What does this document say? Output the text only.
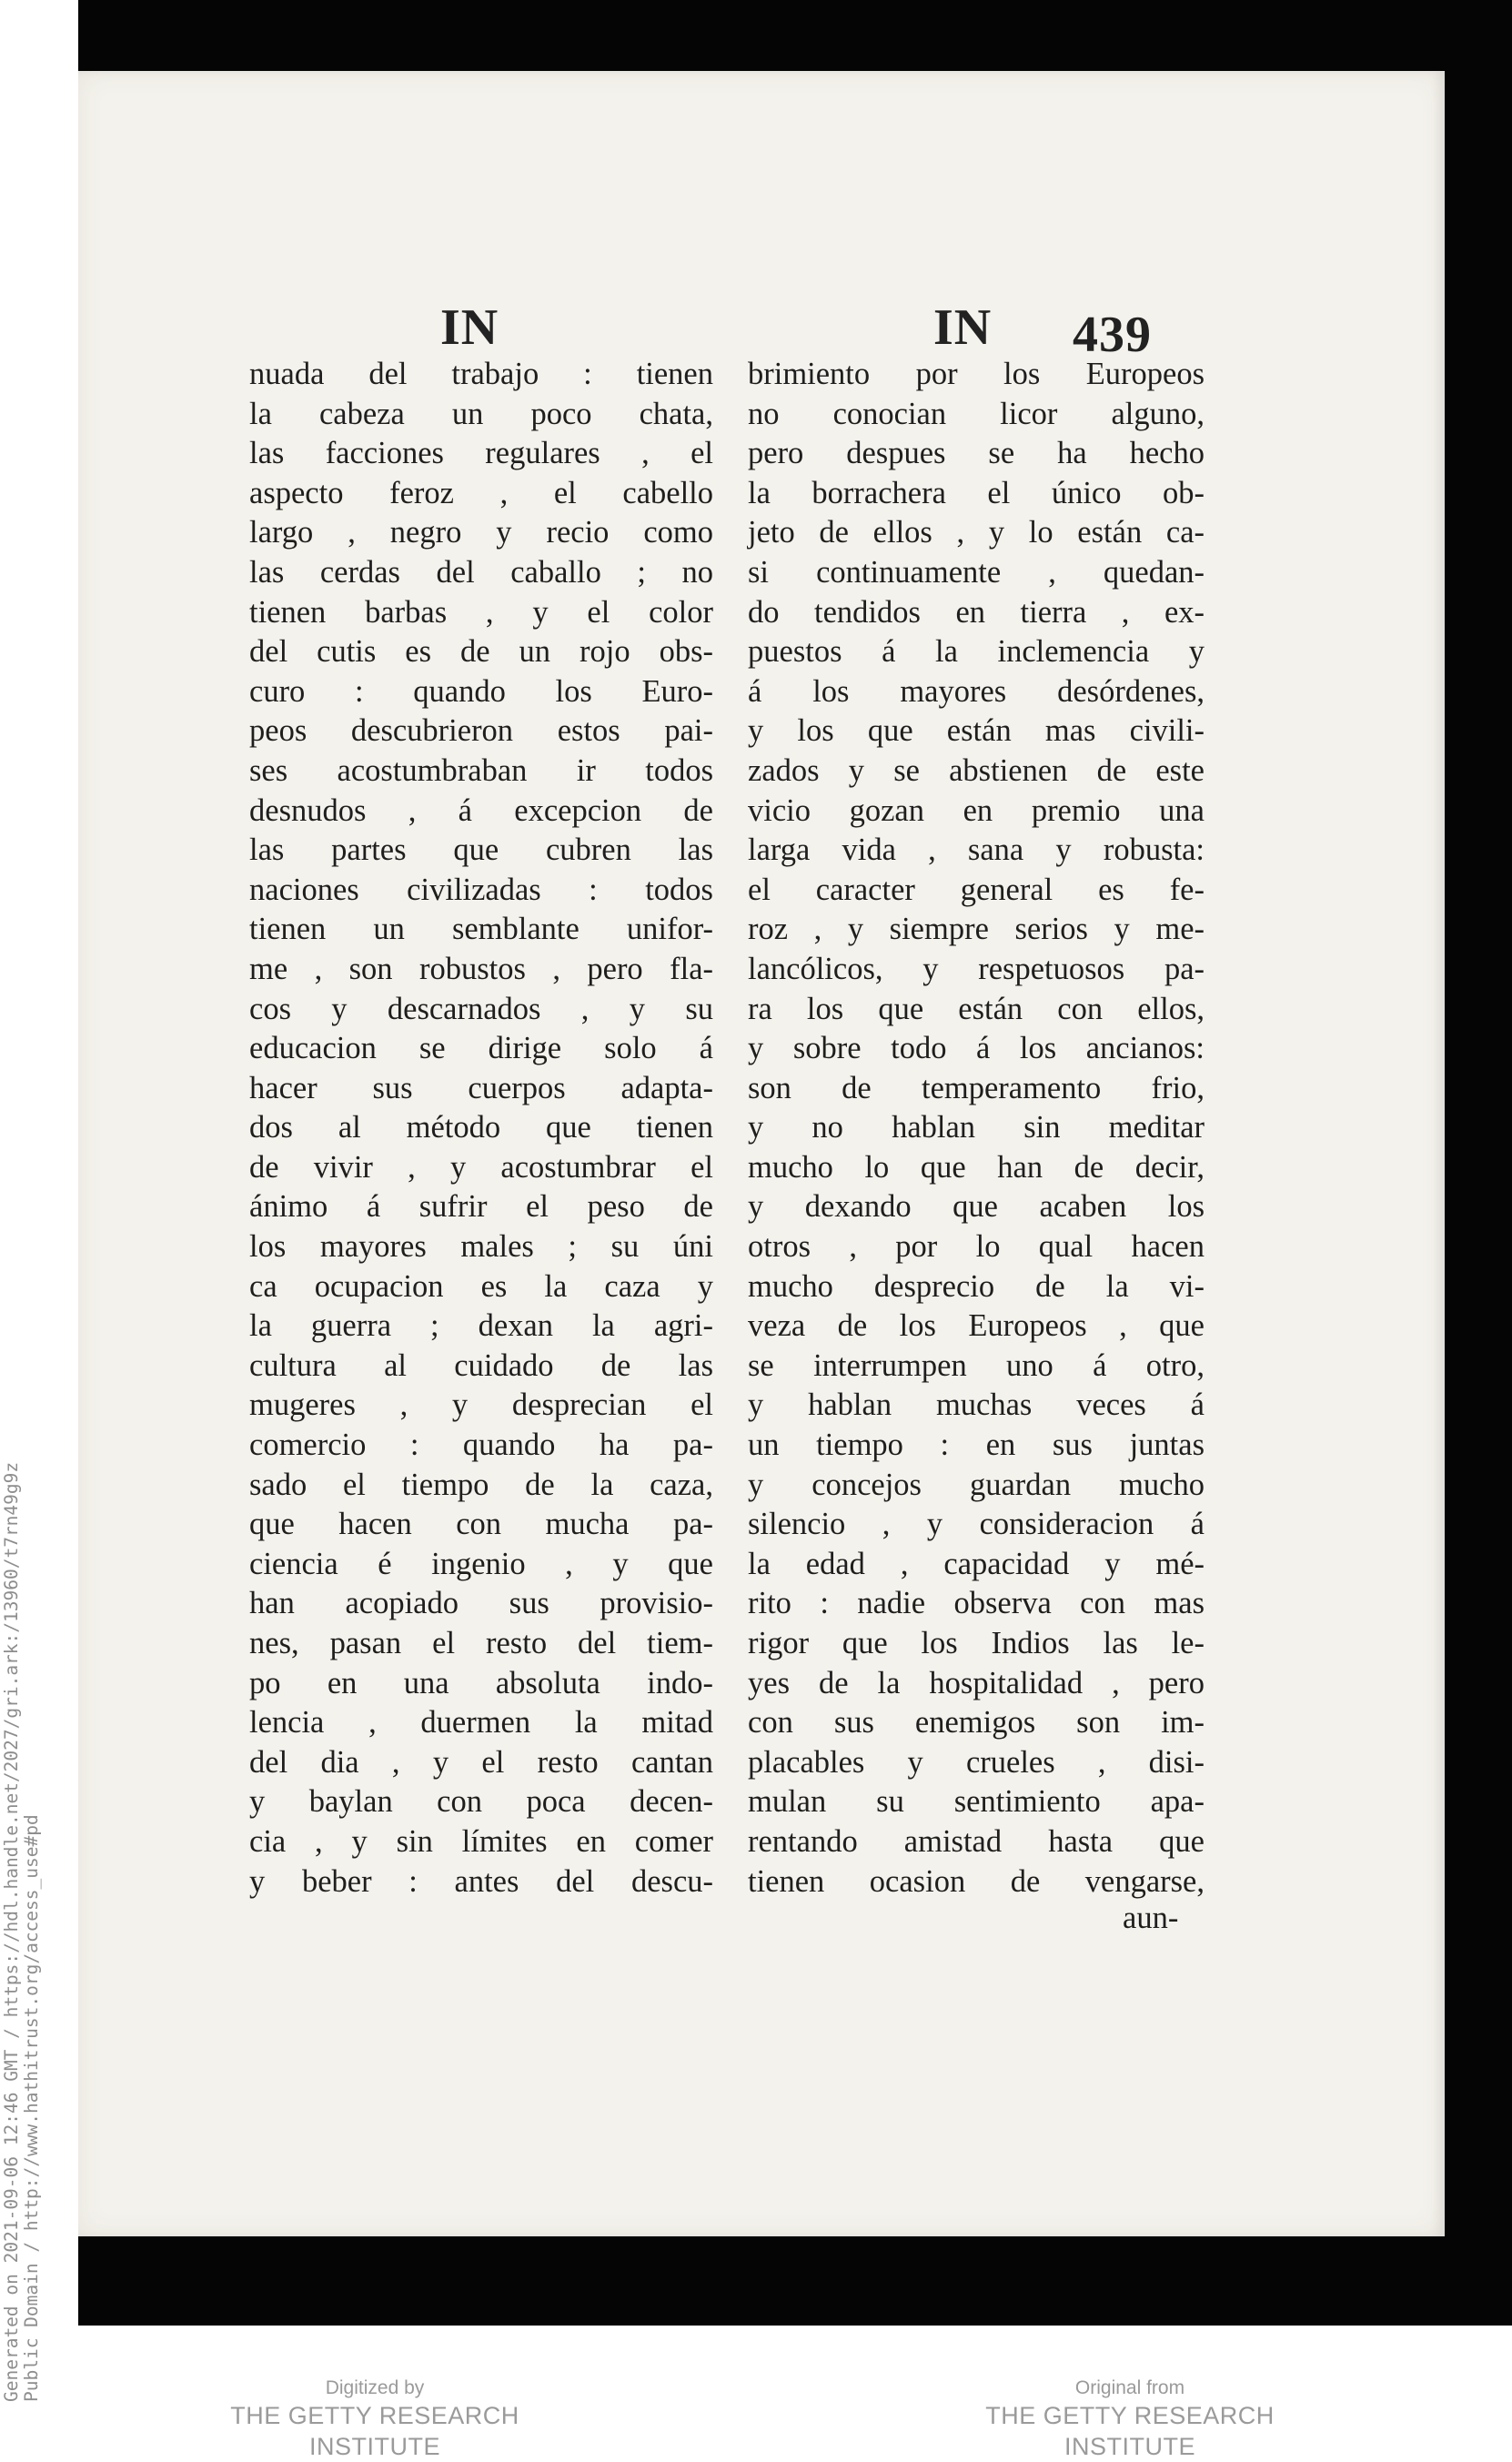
IN	IN 439
nuada del trabajo : tienen
la cabeza un poco chata,
las facciones regulares , el
aspecto feroz , el cabello
largo , negro y recio como
las cerdas del caballo ; no
tienen barbas , y el color
del cutis es de un rojo obs-
curo : quando los Euro-
peos descubrieron estos pai-
ses acostumbraban ir todos
desnudos , á excepcion de
las partes que cubren las
naciones civilizadas : todos
tienen un semblante unifor-
me , son robustos , pero fla-
cos y descarnados , y su
educacion se dirige solo á
hacer sus cuerpos adapta-
dos al método que tienen
de vivir , y acostumbrar el
ánimo á sufrir el peso de
los mayores males ; su úni
ca ocupacion es la caza y
la guerra ; dexan la agri-
cultura al cuidado de las
mugeres , y desprecian el
comercio : quando ha pa-
sado el tiempo de la caza,
que hacen con mucha pa-
ciencia é ingenio , y que
han acopiado sus provisio-
nes, pasan el resto del tiem-
po en una absoluta indo-
lencia , duermen la mitad
del dia , y el resto cantan
y baylan con poca decen-
cia , y sin límites en comer
y beber : antes del descu-
brimiento por los Europeos
no conocian licor alguno,
pero despues se ha hecho
la borrachera el único ob-
jeto de ellos , y lo están ca-
si continuamente , quedan-
do tendidos en tierra , ex-
puestos á la inclemencia y
á los mayores desórdenes,
y los que están mas civili-
zados y se abstienen de este
vicio gozan en premio una
larga vida , sana y robusta:
el caracter general es fe-
roz , y siempre serios y me-
lancólicos, y respetuosos pa-
ra los que están con ellos,
y sobre todo á los ancianos:
son de temperamento frio,
y no hablan sin meditar
mucho lo que han de decir,
y dexando que acaben los
otros , por lo qual hacen
mucho desprecio de la vi-
veza de los Europeos , que
se interrumpen uno á otro,
y hablan muchas veces á
un tiempo : en sus juntas
y concejos guardan mucho
silencio , y consideracion á
la edad , capacidad y mé-
rito : nadie observa con mas
rigor que los Indios las le-
yes de la hospitalidad , pero
con sus enemigos son im-
placables y crueles , disi-
mulan su sentimiento apa-
rentando amistad hasta que
tienen ocasion de vengarse,
aun-
Generated on 2021-09-06 12:46 GMT / https://hdl.handle.net/2027/gri.ark:/13960/t7rn49g9z Public Domain / http://www.hathitrust.org/access_use#pd	Digitized by
THE GETTY RESEARCH INSTITUTE
Original from
THE GETTY RESEARCH INSTITUTE
